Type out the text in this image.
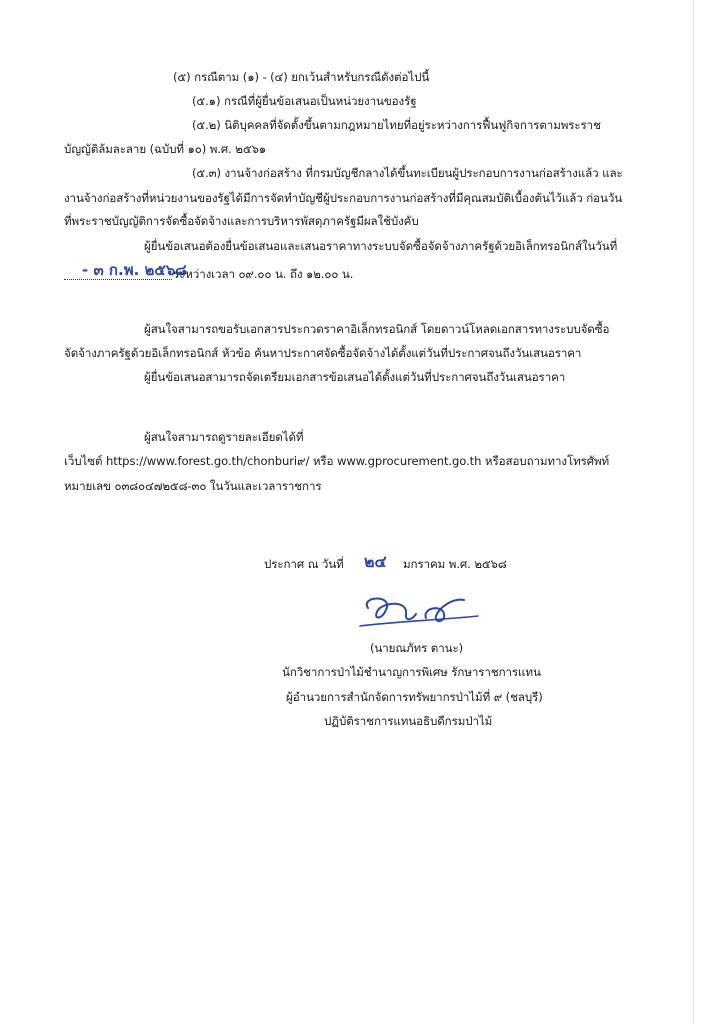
(๕) กรณีตาม (๑) - (๔) ยกเว้นสำหรับกรณีดังต่อไปนี้
(๕.๑) กรณีที่ผู้ยื่นข้อเสนอเป็นหน่วยงานของรัฐ
(๕.๒) นิติบุคคลที่จัดตั้งขึ้นตามกฎหมายไทยที่อยู่ระหว่างการฟื้นฟูกิจการตามพระราช
บัญญัติล้มละลาย (ฉบับที่ ๑๐) พ.ศ. ๒๕๖๑
(๕.๓) งานจ้างก่อสร้าง ที่กรมบัญชีกลางได้ขึ้นทะเบียนผู้ประกอบการงานก่อสร้างแล้ว และ
งานจ้างก่อสร้างที่หน่วยงานของรัฐได้มีการจัดทำบัญชีผู้ประกอบการงานก่อสร้างที่มีคุณสมบัติเบื้องต้นไว้แล้ว ก่อนวัน
ที่พระราชบัญญัติการจัดซื้อจัดจ้างและการบริหารพัสดุภาครัฐมีผลใช้บังคับ
ผู้ยื่นข้อเสนอต้องยื่นข้อเสนอและเสนอราคาทางระบบจัดซื้อจัดจ้างภาครัฐด้วยอิเล็กทรอนิกส์ในวันที่
- ๓ ก.พ. ๒๕๖๘
ระหว่างเวลา ๐๙.๐๐ น. ถึง ๑๒.๐๐ น.
ผู้สนใจสามารถขอรับเอกสารประกวดราคาอิเล็กทรอนิกส์ โดยดาวน์โหลดเอกสารทางระบบจัดซื้อ
จัดจ้างภาครัฐด้วยอิเล็กทรอนิกส์ หัวข้อ ค้นหาประกาศจัดซื้อจัดจ้างได้ตั้งแต่วันที่ประกาศจนถึงวันเสนอราคา
ผู้ยื่นข้อเสนอสามารถจัดเตรียมเอกสารข้อเสนอได้ตั้งแต่วันที่ประกาศจนถึงวันเสนอราคา
ผู้สนใจสามารถดูรายละเอียดได้ที่
เว็บไซต์ https://www.forest.go.th/chonburi๙/ หรือ www.gprocurement.go.th หรือสอบถามทางโทรศัพท์
หมายเลข ๐๓๘๐๔๗๒๕๘-๓๐ ในวันและเวลาราชการ
ประกาศ ณ วันที่ ๒๔ มกราคม พ.ศ. ๒๕๖๘
(นายณภัทร ตานะ)
นักวิชาการป่าไม้ชำนาญการพิเศษ รักษาราชการแทน
ผู้อำนวยการสำนักจัดการทรัพยากรป่าไม้ที่ ๙ (ชลบุรี)
ปฏิบัติราชการแทนอธิบดีกรมป่าไม้
